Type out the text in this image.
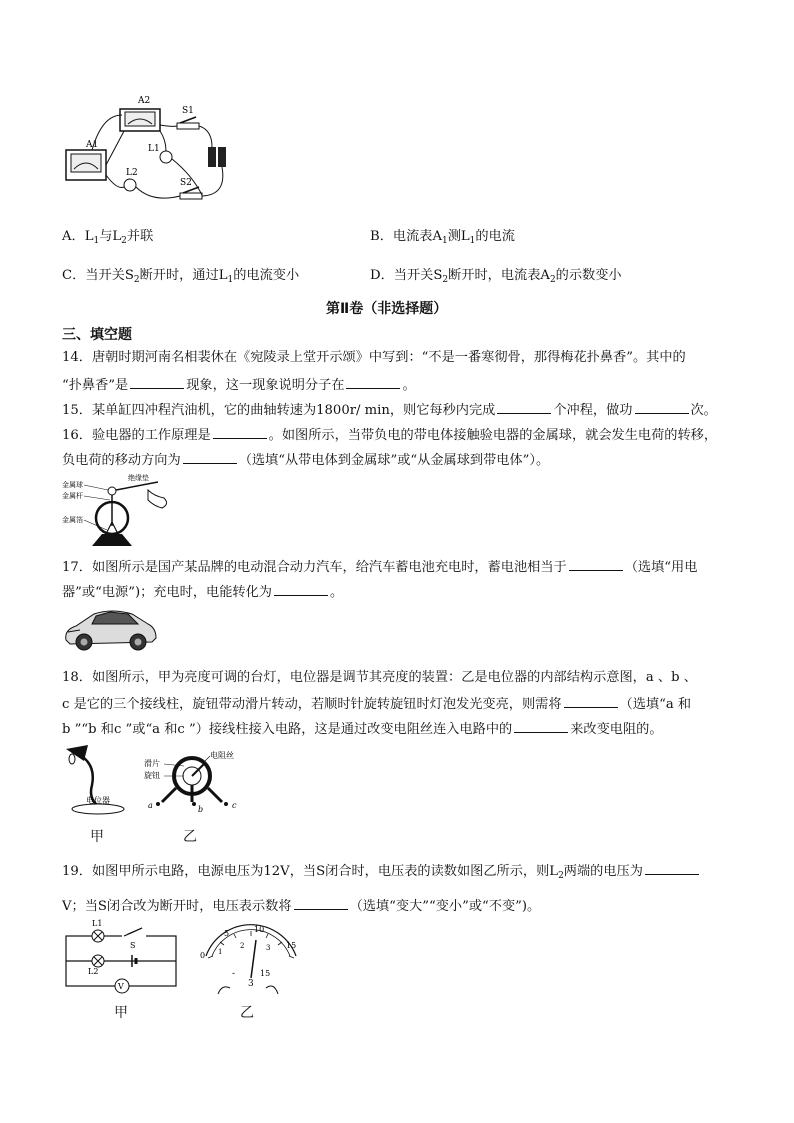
A2
A1
S1
L1
L2
S2
A．$L_1$与$L_2$并联	B．电流表$A_1$测$L_1$的电流
C．当开关$S_2$断开时，通过$L_1$的电流变小	D．当开关$S_2$断开时，电流表$A_2$的示数变小
第Ⅱ卷（非选择题）
三、填空题
14．唐朝时期河南名相裴休在《宛陵录上堂开示颂》中写到：“不是一番寒彻骨，那得梅花扑鼻香”。其中的
“扑鼻香”是	现象，这一现象说明分子在	。
15．某单缸四冲程汽油机，它的曲轴转速为1800r/ min，则它每秒内完成	个冲程，做功	次。
16．验电器的工作原理是	。如图所示，当带负电的带电体接触验电器的金属球，就会发生电荷的转移，
负电荷的移动方向为	（选填“从带电体到金属球”或“从金属球到带电体”）。
金属球
金属杆
绝缘垫
金属箔
17．如图所示是国产某品牌的电动混合动力汽车，给汽车蓄电池充电时，蓄电池相当于	（选填“用电
器”或“电源”)；充电时，电能转化为	。
18．如图所示，甲为亮度可调的台灯，电位器是调节其亮度的装置：乙是电位器的内部结构示意图，a 、b 、
c 是它的三个接线柱，旋钮带动滑片转动，若顺时针旋转旋钮时灯泡发光变亮，则需将	（选填“a 和
b ”“b 和c ”或“a 和c ”）接线柱接入电路，这是通过改变电阻丝连入电路中的	来改变电阻的。
电位器
甲
滑片
旋钮
电阻丝
a	b	c
乙
19．如图甲所示电路，电源电压为12V，当S闭合时，电压表的读数如图乙所示，则$L_2$两端的电压为
V；当S闭合改为断开时，电压表示数将	（选填“变大”“变小”或“不变”)。
L1
S
L2
V
甲
0
5	10
15
1
2	3
-
3
15
乙
